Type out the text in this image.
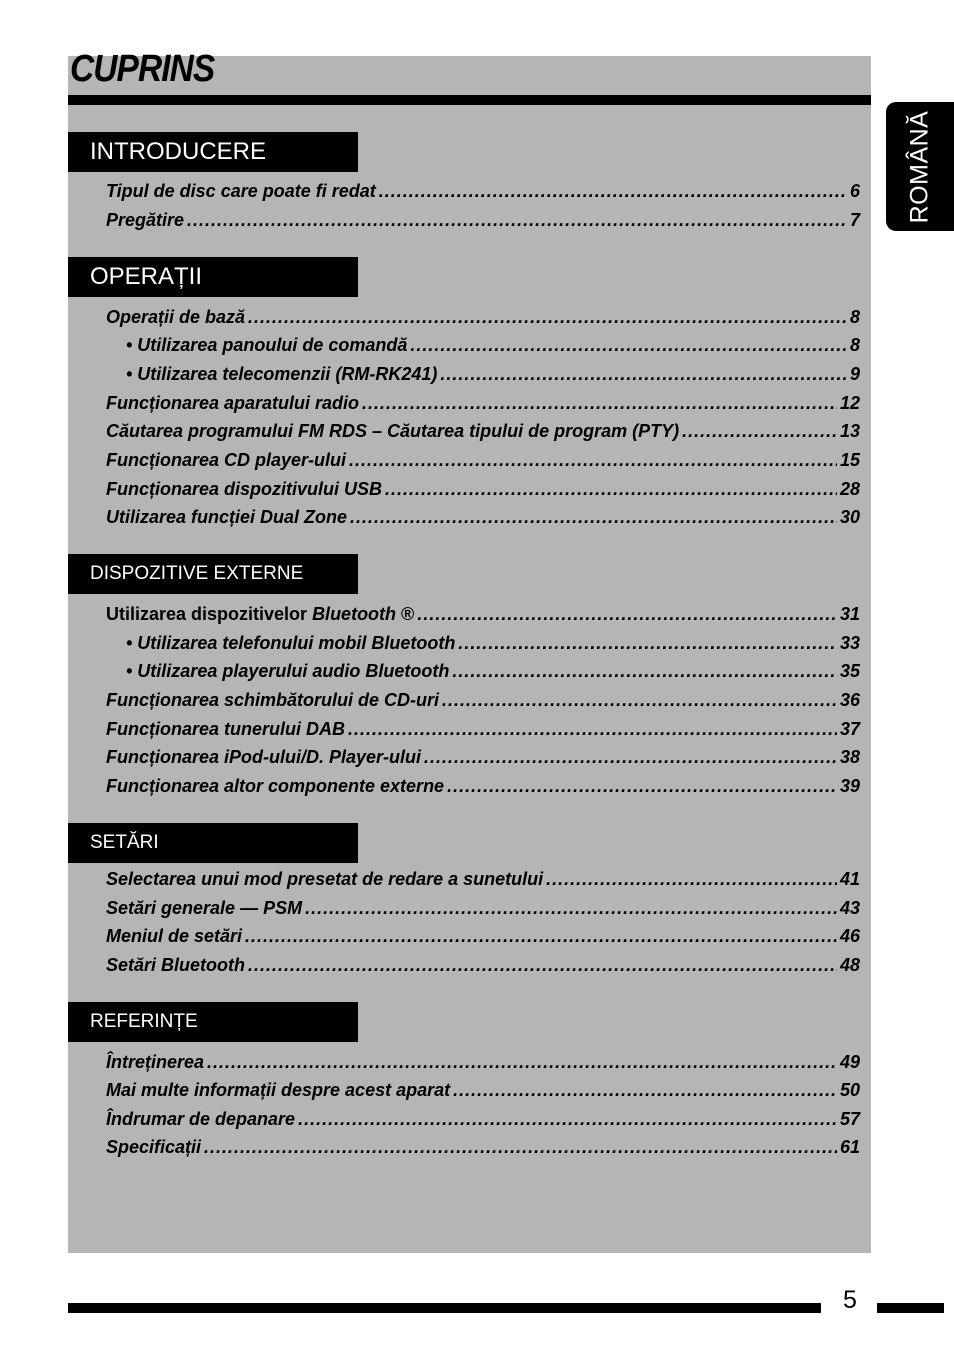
CUPRINS
ROMÂNĂ
INTRODUCERE
Tipul de disc care poate fi redat .....	6
Pregătire .....	7
OPERAȚII
Operații de bază .....	8
• Utilizarea panoului de comandă .....	8
• Utilizarea telecomenzii (RM-RK241) .....	9
Funcționarea aparatului radio .....	12
Căutarea programului FM RDS – Căutarea tipului de program (PTY) .....	13
Funcționarea CD player-ului .....	15
Funcționarea dispozitivului USB .....	28
Utilizarea funcției Dual Zone .....	30
DISPOZITIVE EXTERNE
Utilizarea dispozitivelor Bluetooth ® .....	31
• Utilizarea telefonului mobil Bluetooth .....	33
• Utilizarea playerului audio Bluetooth .....	35
Funcționarea schimbătorului de CD-uri .....	36
Funcționarea tunerului DAB .....	37
Funcționarea iPod-ului/D. Player-ului .....	38
Funcționarea altor componente externe .....	39
SETĂRI
Selectarea unui mod presetat de redare a sunetului .....	41
Setări generale — PSM .....	43
Meniul de setări .....	46
Setări Bluetooth .....	48
REFERINȚE
Întreținerea .....	49
Mai multe informații despre acest aparat .....	50
Îndrumar de depanare .....	57
Specificații .....	61
5
